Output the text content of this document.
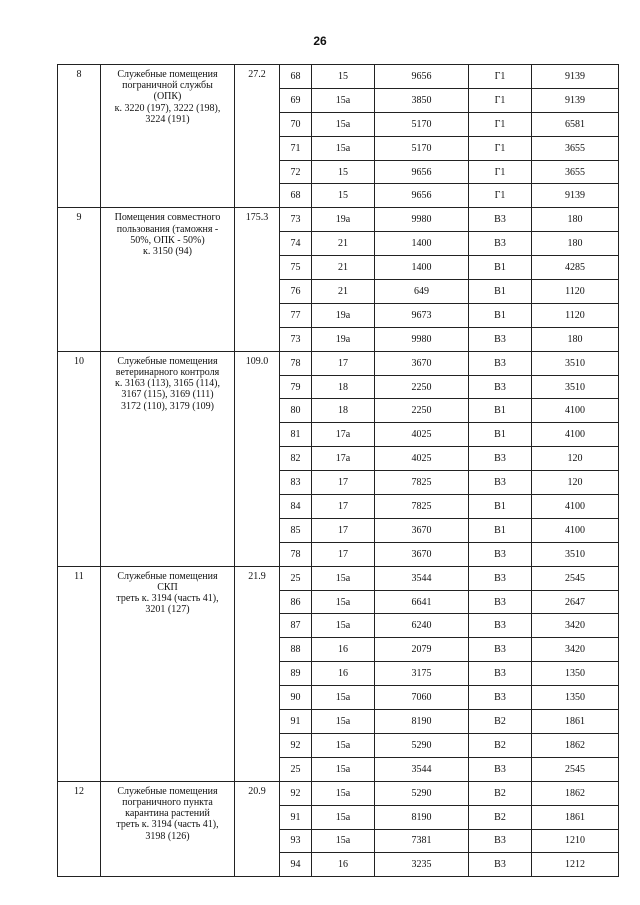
26
8	Служебные помещения
пограничной службы
(ОПК)
к. 3220 (197), 3222 (198),
3224 (191)	27.2	68	15	9656	Г1	9139
			69	15а	3850	Г1	9139
			70	15а	5170	Г1	6581
			71	15а	5170	Г1	3655
			72	15	9656	Г1	3655
			68	15	9656	Г1	9139
9	Помещения совместного
пользования (таможня -
50%, ОПК - 50%)
к. 3150 (94)	175.3	73	19а	9980	В3	180
			74	21	1400	В3	180
			75	21	1400	В1	4285
			76	21	649	В1	1120
			77	19а	9673	В1	1120
			73	19а	9980	В3	180
10	Служебные помещения
ветеринарного контроля
к. 3163 (113), 3165 (114),
3167 (115), 3169 (111)
3172 (110), 3179 (109)	109.0	78	17	3670	В3	3510
			79	18	2250	В3	3510
			80	18	2250	В1	4100
			81	17а	4025	В1	4100
			82	17а	4025	В3	120
			83	17	7825	В3	120
			84	17	7825	В1	4100
			85	17	3670	В1	4100
			78	17	3670	В3	3510
11	Служебные помещения
СКП
треть к. 3194 (часть 41),
3201 (127)	21.9	25	15а	3544	В3	2545
			86	15а	6641	В3	2647
			87	15а	6240	В3	3420
			88	16	2079	В3	3420
			89	16	3175	В3	1350
			90	15а	7060	В3	1350
			91	15а	8190	В2	1861
			92	15а	5290	В2	1862
			25	15а	3544	В3	2545
12	Служебные помещения
пограничного пункта
карантина растений
треть к. 3194 (часть 41),
3198 (126)	20.9	92	15а	5290	В2	1862
			91	15а	8190	В2	1861
			93	15а	7381	В3	1210
			94	16	3235	В3	1212
